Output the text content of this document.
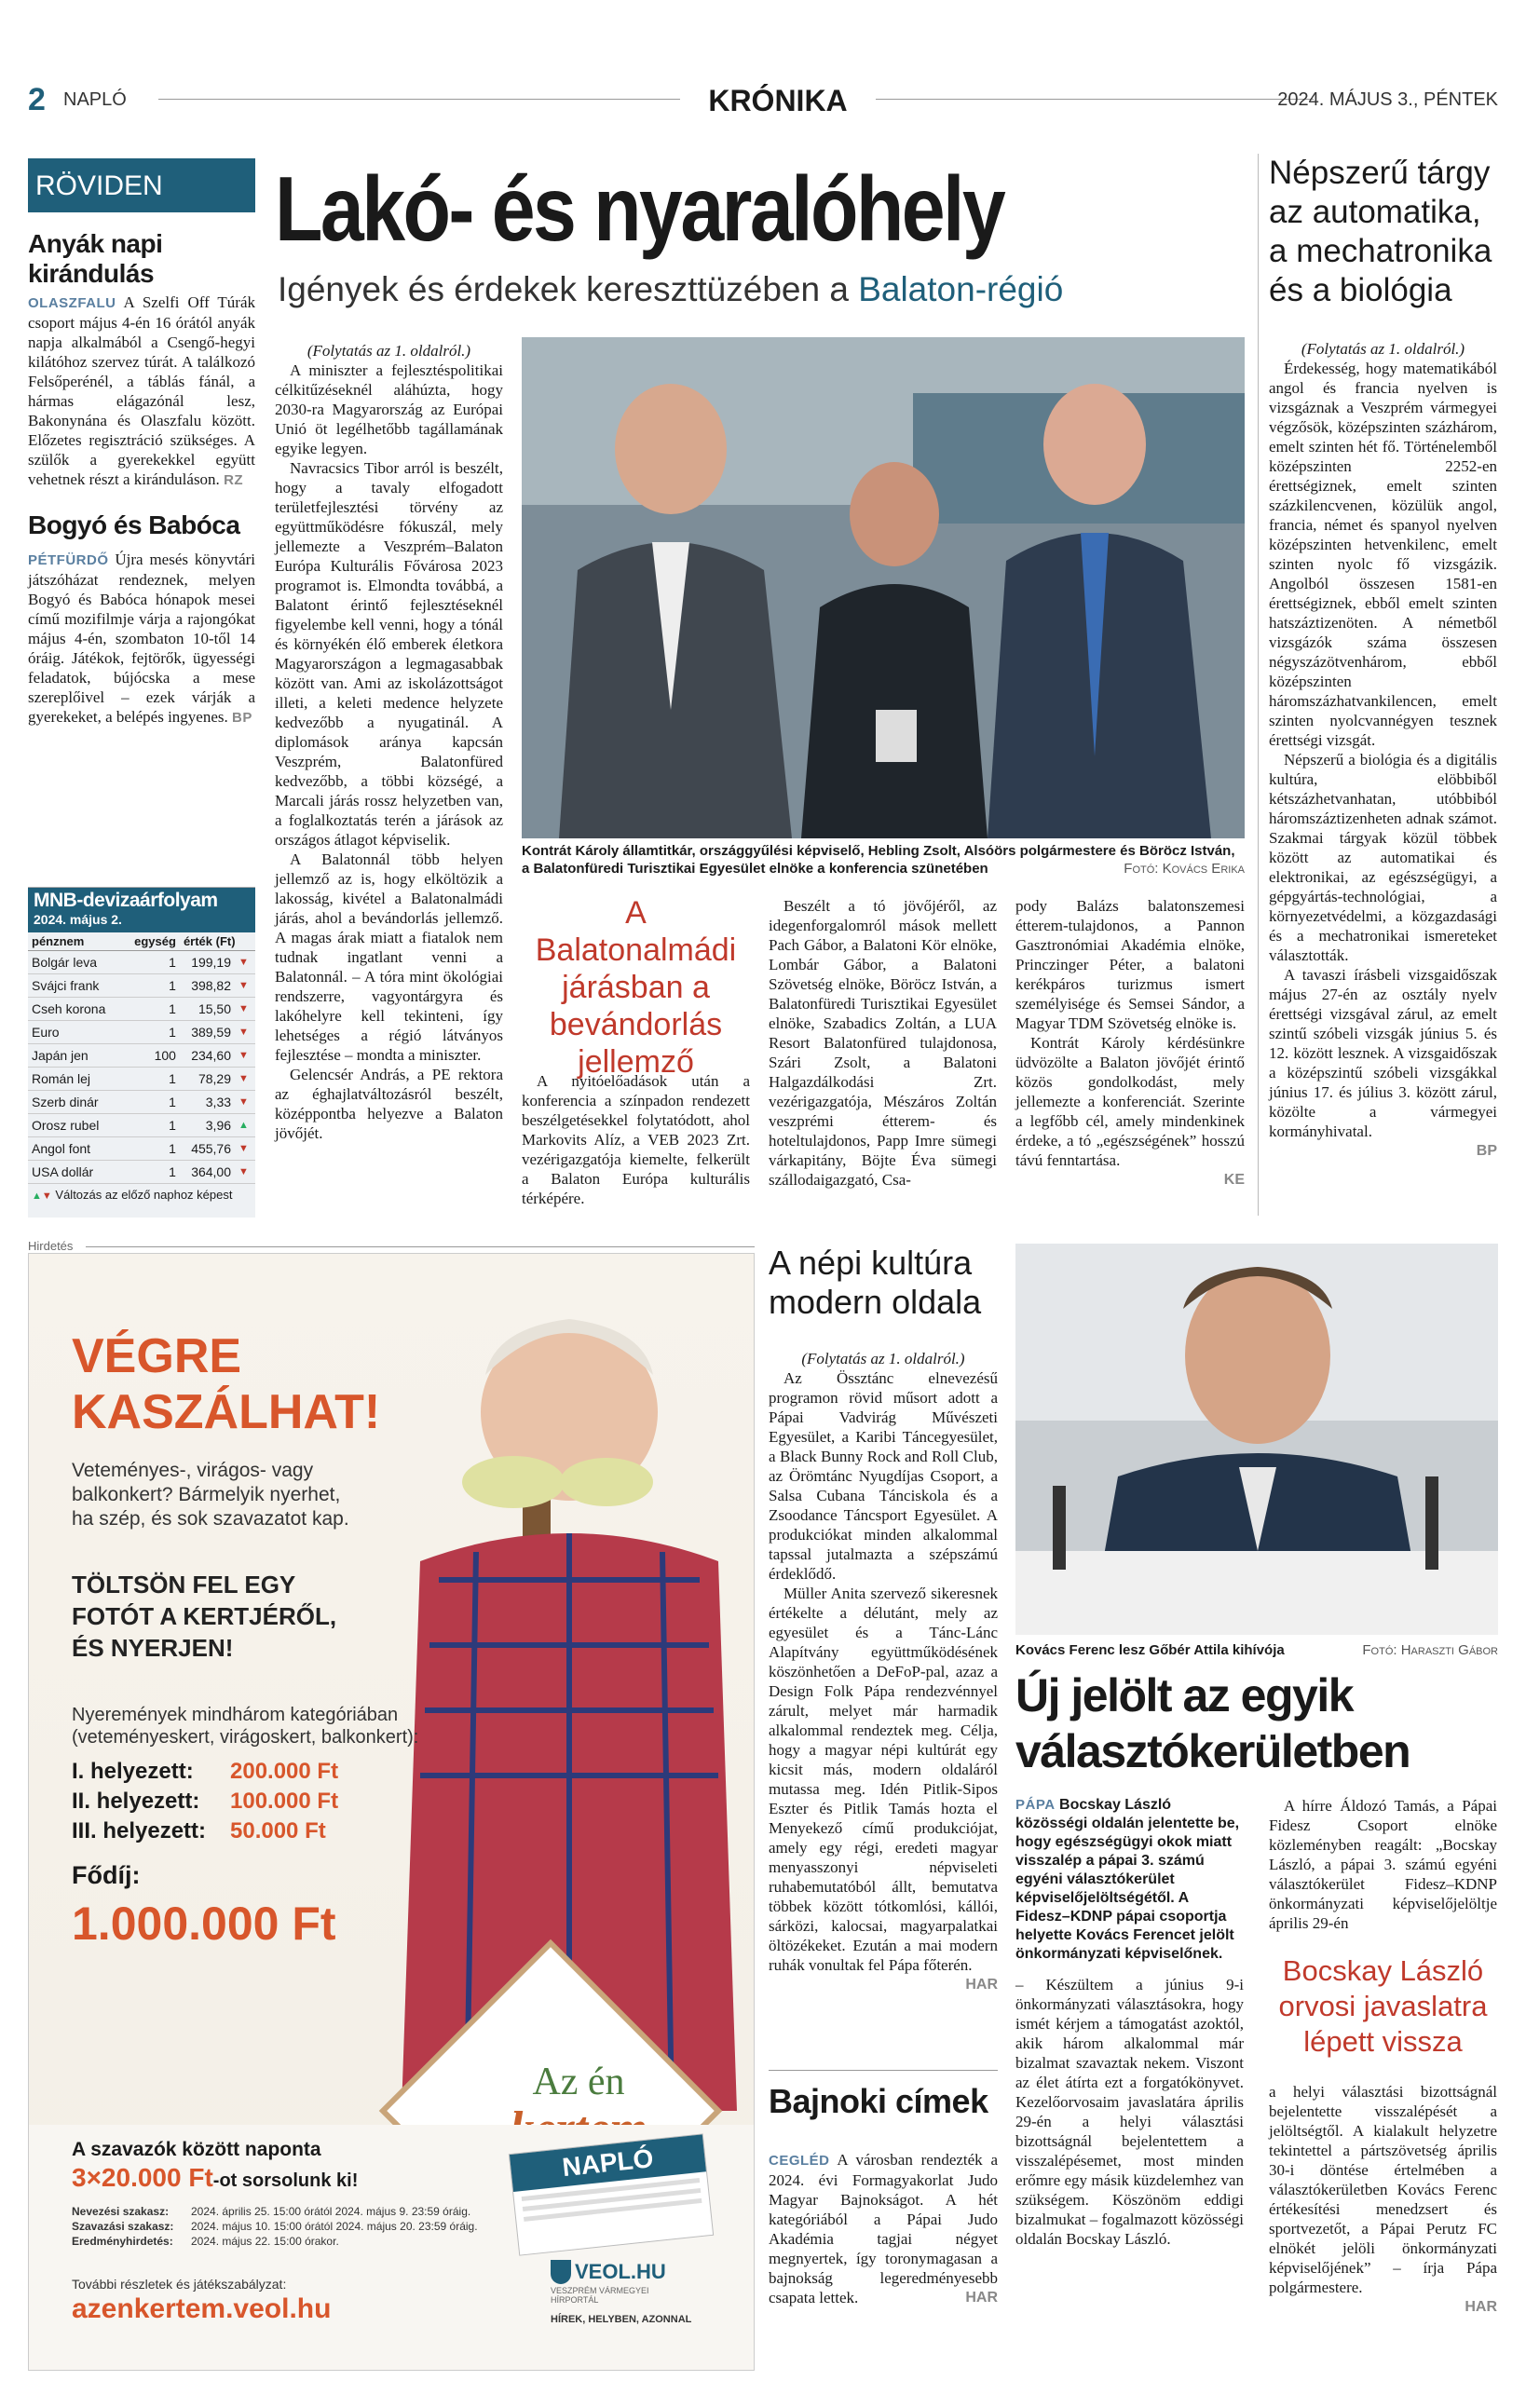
2 NAPLÓ	KRÓNIKA	2024. MÁJUS 3., PÉNTEK
RÖVIDEN
Anyák napi kirándulás
OLASZFALU A Szelfi Off Túrák csoport május 4-én 16 órától anyák napja alkalmából a Csengő-hegyi kilátóhoz szervez túrát. A találkozó Felsőperénél, a táblás fánál, a hármas elágazónál lesz, Bakonynána és Olaszfalu között. Előzetes regisztráció szükséges. A szülők a gyerekekkel együtt vehetnek részt a kiránduláson. RZ
Bogyó és Babóca
PÉTFÜRDŐ Újra mesés könyvtári játszóházat rendeznek, melyen Bogyó és Babóca hónapok mesei című mozifilmje várja a rajongókat május 4-én, szombaton 10-től 14 óráig. Játékok, fejtörők, ügyességi feladatok, bújócska a mese szereplőivel – ezek várják a gyerekeket, a belépés ingyenes. BP
MNB-devizaárfolyam
2024. május 2.
pénznem	egység	érték (Ft)	
Bolgár leva	1	199,19	▼
Svájci frank	1	398,82	▼
Cseh korona	1	15,50	▼
Euro	1	389,59	▼
Japán jen	100	234,60	▼
Román lej	1	78,29	▼
Szerb dinár	1	3,33	▼
Orosz rubel	1	3,96	▲
Angol font	1	455,76	▼
USA dollár	1	364,00	▼
▲▼ Változás az előző naphoz képest
Lakó- és nyaralóhely
Igények és érdekek kereszttüzében a Balaton-régió

(Folytatás az 1. oldalról.)

A miniszter a fejlesztéspolitikai célkitűzéseknél aláhúzta, hogy 2030-ra Magyarország az Európai Unió öt legélhetőbb tagállamának egyike legyen.

Navracsics Tibor arról is beszélt, hogy a tavaly elfogadott területfejlesztési törvény az együttműködésre fókuszál, mely jellemezte a Veszprém–Balaton Európa Kulturális Fővárosa 2023 programot is. Elmondta továbbá, a Balatont érintő fejlesztéseknél figyelembe kell venni, hogy a tónál és környékén élő emberek életkora Magyarországon a legmagasabbak között van. Ami az iskolázottságot illeti, a keleti medence helyzete kedvezőbb a nyugatinál. A diplomások aránya kapcsán Veszprém, Balatonfüred kedvezőbb, a többi községé, a Marcali járás rossz helyzetben van, a foglalkoztatás terén a járások az országos átlagot képviselik.

A Balatonnál több helyen jellemző az is, hogy elköltözik a lakosság, kivétel a Balatonalmádi járás, ahol a bevándorlás jellemző. A magas árak miatt a fiatalok nem tudnak ingatlant venni a Balatonnál. – A tóra mint ökológiai rendszerre, vagyontárgyra és lakóhelyre kell tekinteni, így lehetséges a régió látványos fejlesztése – mondta a miniszter.

Gelencsér András, a PE rektora az éghajlatváltozásról beszélt, középpontba helyezve a Balaton jövőjét.

Kontrát Károly államtitkár, országgyűlési képviselő, Hebling Zsolt, Alsóörs polgármestere és Böröcz István, a Balatonfüredi Turisztikai Egyesület elnöke a konferencia szünetében	Fotó: Kovács Erika
A Balatonalmádi járásban a bevándorlás jellemző

A nyitóelőadások után a konferencia a színpadon rendezett beszélgetésekkel folytatódott, ahol Markovits Alíz, a VEB 2023 Zrt. vezérigazgatója kiemelte, felkerült a Balaton Európa kulturális térképére.

Beszélt a tó jövőjéről, az idegenforgalomról mások mellett Pach Gábor, a Balatoni Kör elnöke, Lombár Gábor, a Balatoni Szövetség elnöke, Böröcz István, a Balatonfüredi Turisztikai Egyesület elnöke, Szabadics Zoltán, a LUA Resort Balatonfüred tulajdonosa, Szári Zsolt, a Balatoni Halgazdálkodási Zrt. vezérigazgatója, Mészáros Zoltán veszprémi étterem- és hoteltulajdonos, Papp Imre sümegi várkapitány, Böjte Éva sümegi szállodaigazgató, Csa-

pody Balázs balatonszemesi étterem-tulajdonos, a Pannon Gasztronómiai Akadémia elnöke, Princzinger Péter, a balatoni kerékpáros turizmus ismert személyisége és Semsei Sándor, a Magyar TDM Szövetség elnöke is.

Kontrát Károly kérdésünkre üdvözölte a Balaton jövőjét érintő közös gondolkodást, mely jellemezte a konferenciát. Szerinte a legfőbb cél, amely mindenkinek érdeke, a tó „egészségének” hosszú távú fenntartása.

KE
Népszerű tárgy az automatika, a mechatronika és a biológia

(Folytatás az 1. oldalról.)

Érdekesség, hogy matematikából angol és francia nyelven is vizsgáznak a Veszprém vármegyei végzősök, középszinten százhárom, emelt szinten hét fő. Történelemből középszinten 2252-en érettségiznek, emelt szinten százkilencvenen, közülük angol, francia, német és spanyol nyelven középszinten hetvenkilenc, emelt szinten nyolc fő vizsgázik. Angolból összesen 1581-en érettségiznek, ebből emelt szinten hatszáztizenöten. A németből vizsgázók száma összesen négyszázötvenhárom, ebből középszinten háromszázhatvankilencen, emelt szinten nyolcvannégyen tesznek érettségi vizsgát.

Népszerű a biológia és a digitális kultúra, elöbbiből kétszázhetvanhatan, utóbbiból háromszáztizenheten adnak számot. Szakmai tárgyak közül többek között az automatikai és elektronikai, az egészségügyi, a gépgyártás-technológiai, a környezetvédelmi, a közgazdasági és a mechatronikai ismereteket választották.

A tavaszi írásbeli vizsgaidőszak május 27-én az osztály nyelv érettségi vizsgával zárul, az emelt szintű szóbeli vizsgák június 5. és 12. között lesznek. A vizsgaidőszak a középszintű szóbeli vizsgákkal június 17. és július 3. között zárul, közölte a vármegyei kormányhivatal.

BP
Hirdetés
Az én
VÉGRE KASZÁLHAT!
Veteményes-, virágos- vagy balkonkert? Bármelyik nyerhet, ha szép, és sok szavazatot kap.
TÖLTSÖN FEL EGY FOTÓT A KERTJÉRŐL, ÉS NYERJEN!
Nyeremények mindhárom kategóriában (veteményeskert, virágoskert, balkonkert):
I. helyezett: 200.000 Ft
II. helyezett: 100.000 Ft
III. helyezett: 50.000 Ft
Fődíj:
1.000.000 Ft
A szavazók között naponta
3×20.000 Ft-ot sorsolunk ki!
Nevezési szakasz: 2024. április 25. 15:00 órától 2024. május 9. 23:59 óráig.
Szavazási szakasz: 2024. május 10. 15:00 órától 2024. május 20. 23:59 óráig.
Eredményhirdetés: 2024. május 22. 15:00 órakor.
További részletek és játékszabályzat:
azenkertem.veol.hu
NAPLÓ
VEOL.HU
VESZPRÉM VÁRMEGYEI HÍRPORTÁL
HÍREK, HELYBEN, AZONNAL
A népi kultúra modern oldala

(Folytatás az 1. oldalról.)

Az Össztánc elnevezésű programon rövid műsort adott a Pápai Vadvirág Művészeti Egyesület, a Karibi Táncegyesület, a Black Bunny Rock and Roll Club, az Örömtánc Nyugdíjas Csoport, a Salsa Cubana Tánciskola és a Zsoodance Táncsport Egyesület. A produkciókat minden alkalommal tapssal jutalmazta a szépszámú érdeklődő.

Müller Anita szervező sikeresnek értékelte a délutánt, mely az egyesület és a Tánc-Lánc Alapítvány együttműködésének köszönhetően a DeFoP-pal, azaz a Design Folk Pápa rendezvénnyel zárult, melyet már harmadik alkalommal rendeztek meg. Célja, hogy a magyar népi kultúrát egy kicsit más, modern oldaláról mutassa meg. Idén Pitlik-Sipos Eszter és Pitlik Tamás hozta el Menyekező című produkciójat, amely egy régi, eredeti magyar menyasszonyi népviseleti ruhabemutatóból állt, bemutatva többek között tótkomlósi, kállói, sárközi, kalocsai, magyarpalatkai öltözékeket. Ezután a mai modern ruhák vonultak fel Pápa főterén.

HAR
Bajnoki címek
CEGLÉD A városban rendezték a 2024. évi Formagyakorlat Judo Magyar Bajnokságot. A hét kategóriából a Pápai Judo Akadémia tagjai négyet megnyertek, így toronymagasan a bajnokság legeredményesebb csapata lettek.	HAR
Kovács Ferenc lesz Gőbér Attila kihívója	Fotó: Haraszti Gábor
Új jelölt az egyik választókerületben

PÁPA Bocskay László közösségi oldalán jelentette be, hogy egészségügyi okok miatt visszalép a pápai 3. számú egyéni választókerület képviselőjelöltségétől. A Fidesz–KDNP pápai csoportja helyette Kovács Ferencet jelölt önkormányzati képviselőnek.

– Készültem a június 9-i önkormányzati választásokra, hogy ismét kérjem a támogatást azoktól, akik három alkalommal már bizalmat szavaztak nekem. Viszont az élet átírta ezt a forgatókönyvet. Kezelőorvosaim javaslatára április 29-én a helyi választási bizottságnál bejelentettem a visszalépésemet, most minden erőmre egy másik küzdelemhez van szükségem. Köszönöm eddigi bizalmukat – fogalmazott közösségi oldalán Bocskay László.

A hírre Áldozó Tamás, a Pápai Fidesz Csoport elnöke közleményben reagált: „Bocskay László, a pápai 3. számú egyéni választókerület Fidesz–KDNP önkormányzati képviselőjelöltje április 29-én

Bocskay László orvosi javaslatra lépett vissza

a helyi választási bizottságnál bejelentette visszalépését a jelöltségtől. A kialakult helyzetre tekintettel a pártszövetség április 30-i döntése értelmében a választókerületben Kovács Ferenc értékesítési menedzsert és sportvezetőt, a Pápai Perutz FC elnökét jelöli önkormányzati képviselőjének” – írja Pápa polgármestere.

HAR
